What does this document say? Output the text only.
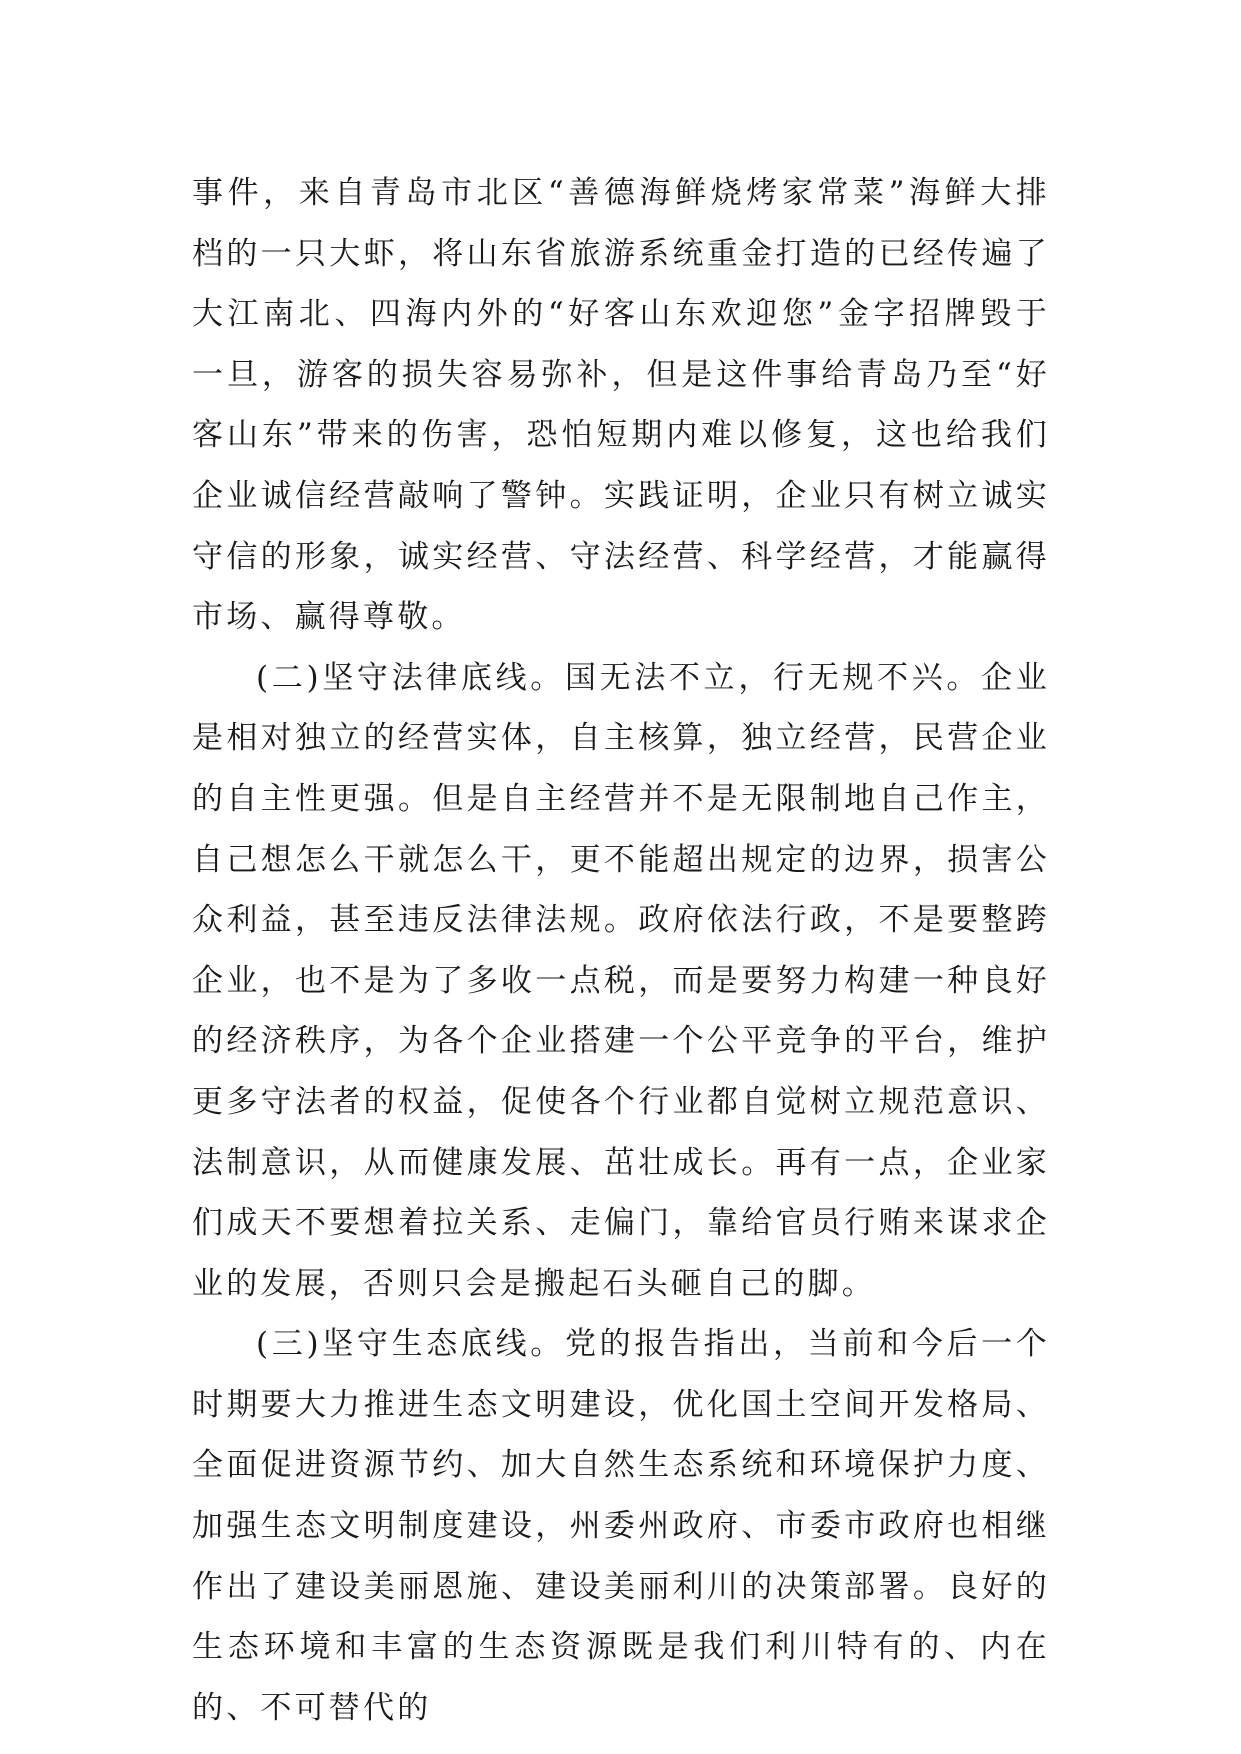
事件，来自青岛市北区“善德海鲜烧烤家常菜”海鲜大排档的一只大虾，将山东省旅游系统重金打造的已经传遍了大江南北、四海内外的“好客山东欢迎您”金字招牌毁于一旦，游客的损失容易弥补，但是这件事给青岛乃至“好客山东”带来的伤害，恐怕短期内难以修复，这也给我们企业诚信经营敲响了警钟。实践证明，企业只有树立诚实守信的形象，诚实经营、守法经营、科学经营，才能赢得市场、赢得尊敬。

(二)坚守法律底线。国无法不立，行无规不兴。企业是相对独立的经营实体，自主核算，独立经营，民营企业的自主性更强。但是自主经营并不是无限制地自己作主，自己想怎么干就怎么干，更不能超出规定的边界，损害公众利益，甚至违反法律法规。政府依法行政，不是要整跨企业，也不是为了多收一点税，而是要努力构建一种良好的经济秩序，为各个企业搭建一个公平竞争的平台，维护更多守法者的权益，促使各个行业都自觉树立规范意识、法制意识，从而健康发展、茁壮成长。再有一点，企业家们成天不要想着拉关系、走偏门，靠给官员行贿来谋求企业的发展，否则只会是搬起石头砸自己的脚。

(三)坚守生态底线。党的报告指出，当前和今后一个时期要大力推进生态文明建设，优化国土空间开发格局、全面促进资源节约、加大自然生态系统和环境保护力度、加强生态文明制度建设，州委州政府、市委市政府也相继作出了建设美丽恩施、建设美丽利川的决策部署。良好的生态环境和丰富的生态资源既是我们利川特有的、内在的、不可替代的
